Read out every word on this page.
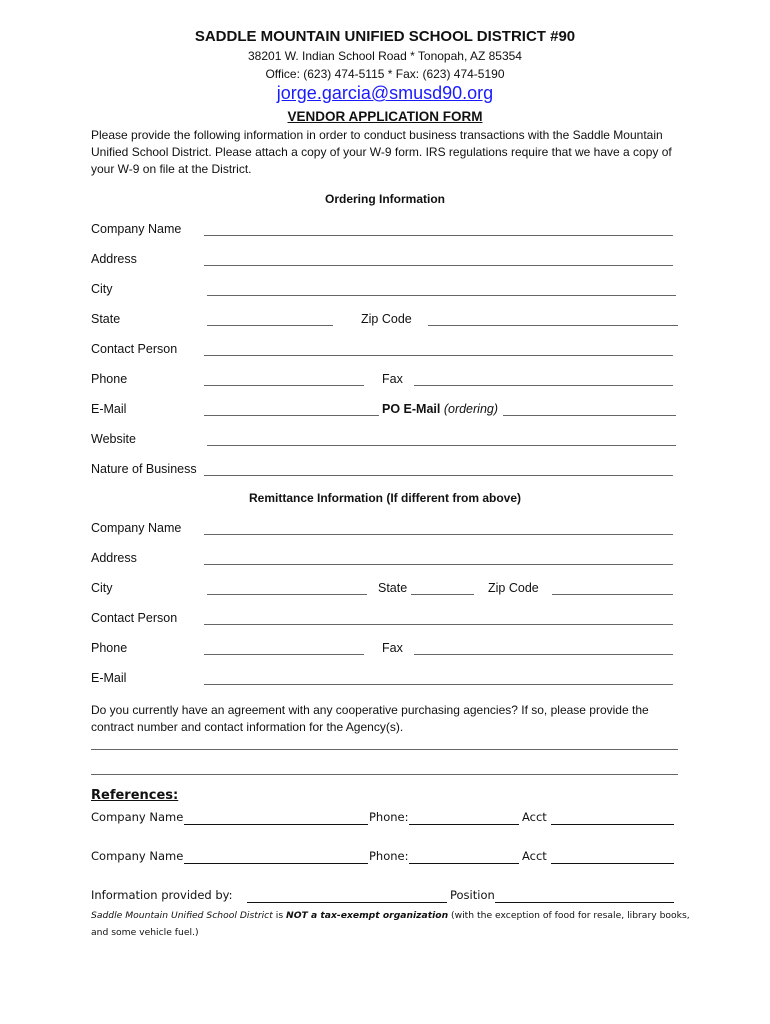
SADDLE MOUNTAIN UNIFIED SCHOOL DISTRICT #90
38201 W. Indian School Road * Tonopah, AZ 85354
Office: (623) 474-5115 * Fax: (623) 474-5190
jorge.garcia@smusd90.org
VENDOR APPLICATION FORM
Please provide the following information in order to conduct business transactions with the Saddle Mountain Unified School District. Please attach a copy of your W-9 form. IRS regulations require that we have a copy of your W-9 on file at the District.
Ordering Information
Company Name
Address
City
State	Zip Code
Contact Person
Phone	Fax
E-Mail	PO E-Mail (ordering)
Website
Nature of Business
Remittance Information (If different from above)
Company Name
Address
City	State	Zip Code
Contact Person
Phone	Fax
E-Mail
Do you currently have an agreement with any cooperative purchasing agencies? If so, please provide the contract number and contact information for the Agency(s).
References:
Company Name	Phone:	Acct
Company Name	Phone:	Acct
Information provided by:	Position
Saddle Mountain Unified School District is NOT a tax-exempt organization (with the exception of food for resale, library books, and some vehicle fuel.)
